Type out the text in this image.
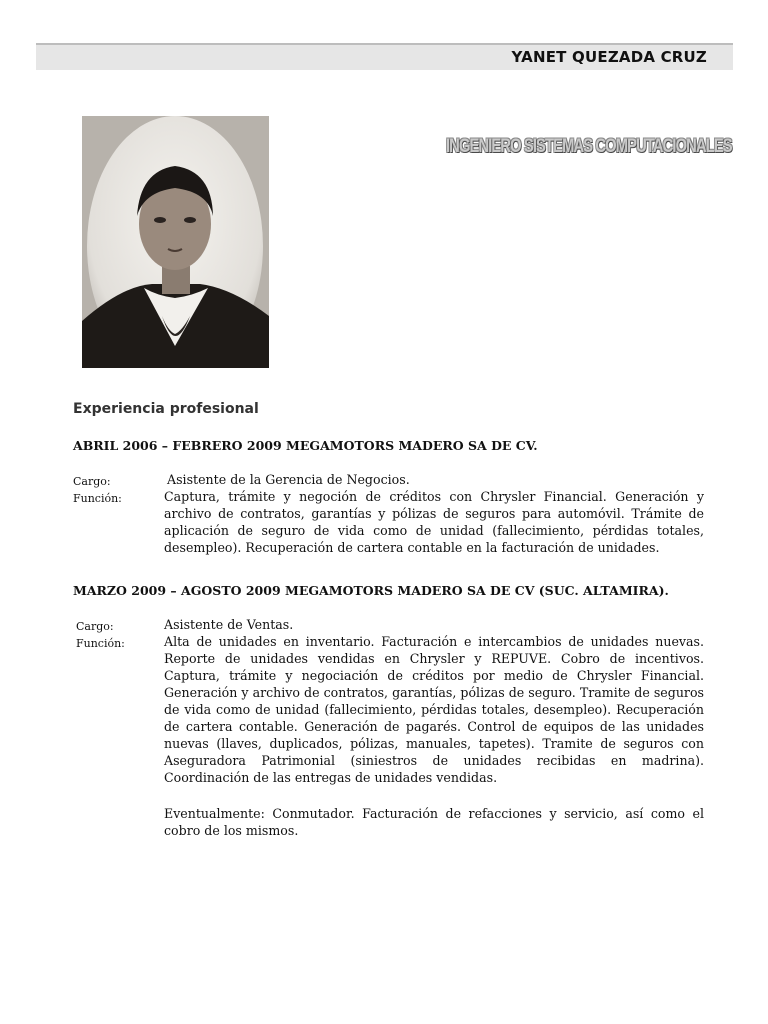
YANET QUEZADA CRUZ
INGENIERO SISTEMAS COMPUTACIONALES
Experiencia profesional
ABRIL 2006 – FEBRERO 2009 MEGAMOTORS MADERO SA DE CV.
Cargo:	Asistente de la Gerencia de Negocios.
Función:	Captura, trámite y negoción de créditos con Chrysler Financial. Generación y archivo de contratos, garantías y pólizas de seguros para automóvil. Trámite de aplicación de seguro de vida como de unidad (fallecimiento, pérdidas totales, desempleo). Recuperación de cartera contable en la facturación de unidades.
MARZO 2009 – AGOSTO 2009 MEGAMOTORS MADERO SA DE CV (SUC. ALTAMIRA).
Cargo:	Asistente de Ventas.
Función:	Alta de unidades en inventario. Facturación e intercambios de unidades nuevas. Reporte de unidades vendidas en Chrysler y REPUVE. Cobro de incentivos. Captura, trámite y negociación de créditos por medio de Chrysler Financial. Generación y archivo de contratos, garantías, pólizas de seguro. Tramite de seguros de vida como de unidad (fallecimiento, pérdidas totales, desempleo). Recuperación de cartera contable. Generación de pagarés. Control de equipos de las unidades nuevas (llaves, duplicados, pólizas, manuales, tapetes). Tramite de seguros con Aseguradora Patrimonial (siniestros de unidades recibidas en madrina). Coordinación de las entregas de unidades vendidas.
Eventualmente: Conmutador. Facturación de refacciones y servicio, así como el cobro de los mismos.
